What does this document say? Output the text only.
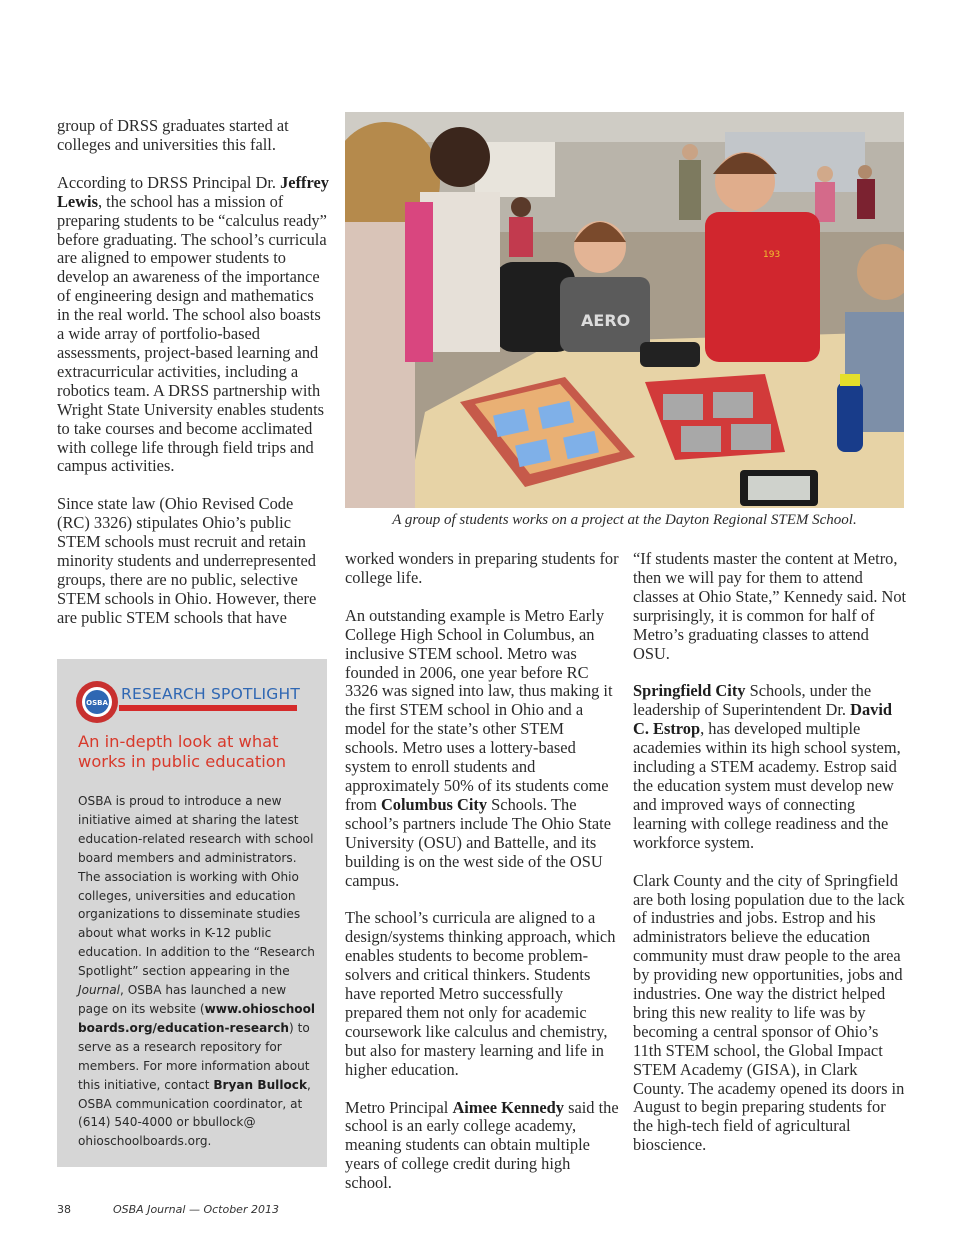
group of DRSS graduates started at colleges and universities this fall.

According to DRSS Principal Dr. Jeffrey Lewis, the school has a mission of preparing students to be “calculus ready” before graduating. The school’s curricula are aligned to empower students to develop an awareness of the importance of engineering design and mathematics in the real world. The school also boasts a wide array of portfolio-based assessments, project-based learning and extracurricular activities, including a robotics team. A DRSS partnership with Wright State University enables students to take courses and become acclimated with college life through field trips and campus activities.

Since state law (Ohio Revised Code (RC) 3326) stipulates Ohio’s public STEM schools must recruit and retain minority students and underrepresented groups, there are no public, selective STEM schools in Ohio. However, there are public STEM schools that have

AERO
193
A group of students works on a project at the Dayton Regional STEM School.

worked wonders in preparing students for college life.

An outstanding example is Metro Early College High School in Columbus, an inclusive STEM school. Metro was founded in 2006, one year before RC 3326 was signed into law, thus making it the first STEM school in Ohio and a model for the state’s other STEM schools. Metro uses a lottery-based system to enroll students and approximately 50% of its students come from Columbus City Schools. The school’s partners include The Ohio State University (OSU) and Battelle, and its building is on the west side of the OSU campus.

The school’s curricula are aligned to a design/systems thinking approach, which enables students to become problem-solvers and critical thinkers. Students have reported Metro successfully prepared them not only for academic coursework like calculus and chemistry, but also for mastery learning and life in higher education.

Metro Principal Aimee Kennedy said the school is an early college academy, meaning students can obtain multiple years of college credit during high school.

“If students master the content at Metro, then we will pay for them to attend classes at Ohio State,” Kennedy said. Not surprisingly, it is common for half of Metro’s graduating classes to attend OSU.

Springfield City Schools, under the leadership of Superintendent Dr. David C. Estrop, has developed multiple academies within its high school system, including a STEM academy. Estrop said the education system must develop new and improved ways of connecting learning with college readiness and the workforce system.

Clark County and the city of Springfield are both losing population due to the lack of industries and jobs. Estrop and his administrators believe the education community must draw people to the area by providing new opportunities, jobs and industries. One way the district helped bring this new reality to life was by becoming a central sponsor of Ohio’s 11th STEM school, the Global Impact STEM Academy (GISA), in Clark County. The academy opened its doors in August to begin preparing students for the high-tech field of agricultural bioscience.

OSBA RESEARCH SPOTLIGHT
An in-depth look at what works in public education
OSBA is proud to introduce a new initiative aimed at sharing the latest education-related research with school board members and administrators. The association is working with Ohio colleges, universities and education organizations to disseminate studies about what works in K-12 public education. In addition to the “Research Spotlight” section appearing in the Journal, OSBA has launched a new page on its website (www.ohioschool boards.org/education-research) to serve as a research repository for members. For more information about this initiative, contact Bryan Bullock, OSBA communication coordinator, at (614) 540-4000 or bbullock@ ohioschoolboards.org.
38	OSBA Journal — October 2013
